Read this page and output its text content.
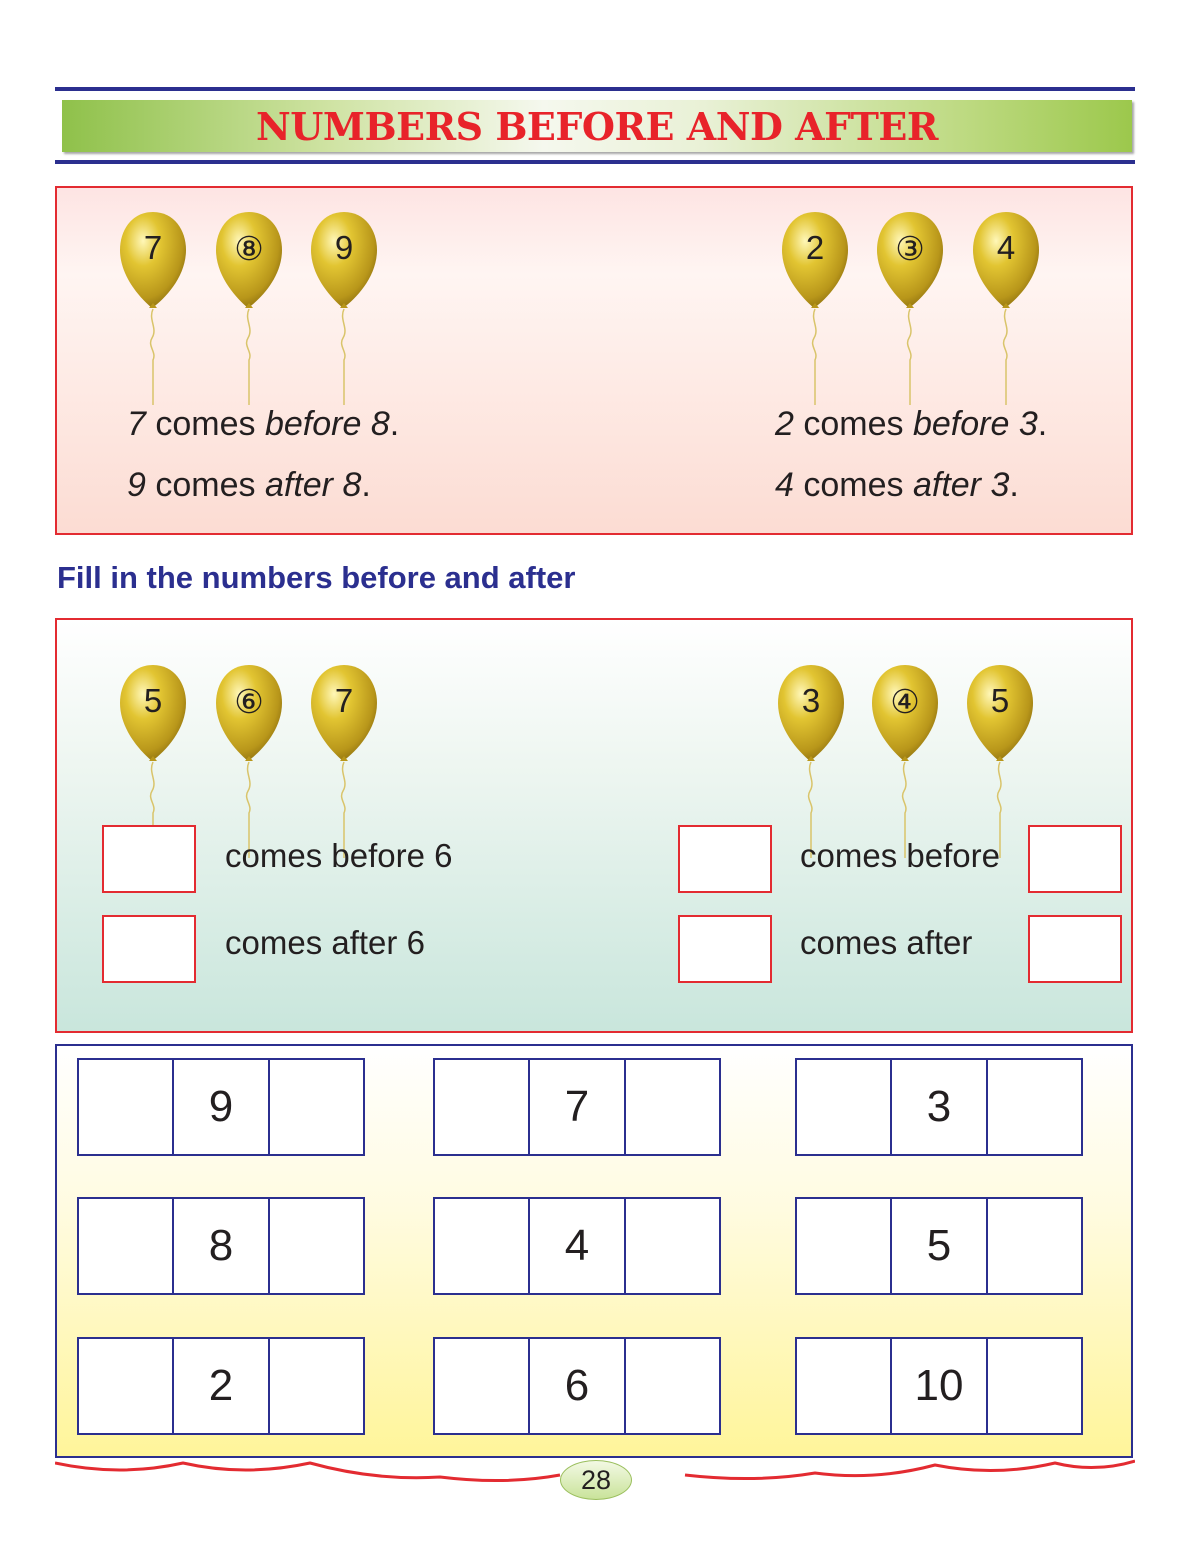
NUMBERS BEFORE AND AFTER
7	⑧	9	2	③	4
7 comes before 8.
9 comes after 8.
2 comes before 3.
4 comes after 3.
Fill in the numbers before and after
5	⑥	7	3	④	5
comes before 6
comes after 6
comes before
comes after
9	7	3
8	4	5
2	6	10
28
